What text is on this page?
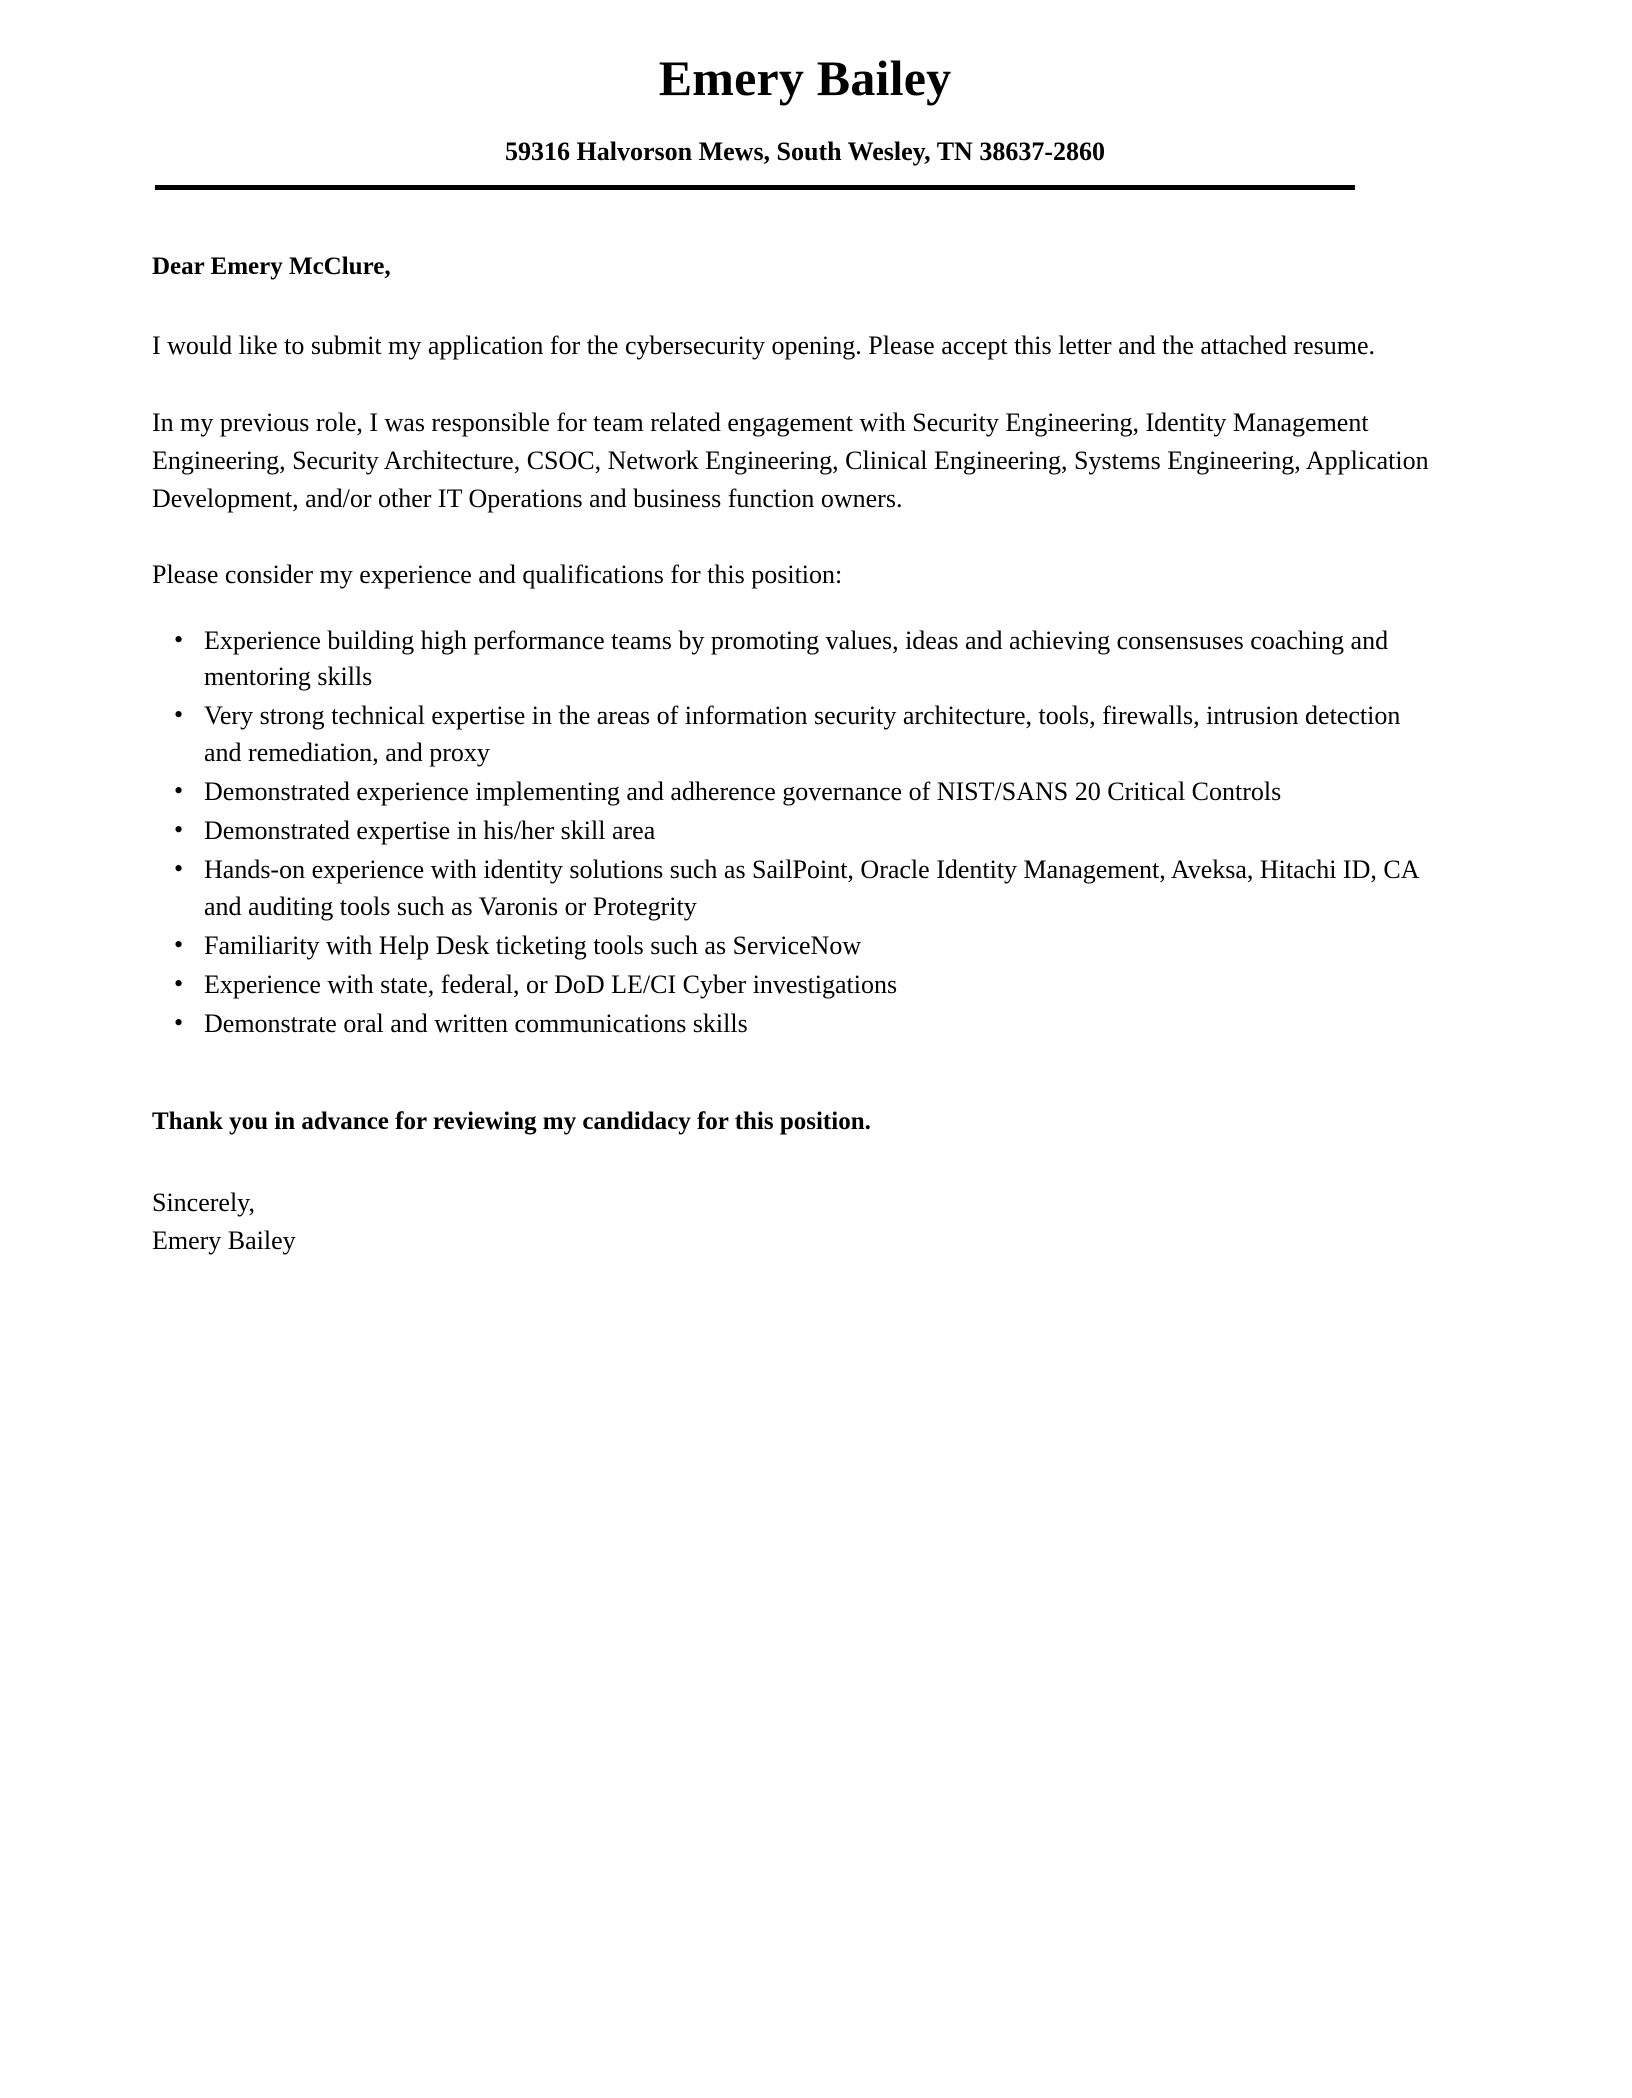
Emery Bailey
59316 Halvorson Mews, South Wesley, TN 38637-2860

Dear Emery McClure,

I would like to submit my application for the cybersecurity opening. Please accept this letter and the attached resume.

In my previous role, I was responsible for team related engagement with Security Engineering, Identity Management Engineering, Security Architecture, CSOC, Network Engineering, Clinical Engineering, Systems Engineering, Application Development, and/or other IT Operations and business function owners.

Please consider my experience and qualifications for this position:

• Experience building high performance teams by promoting values, ideas and achieving consensuses coaching and mentoring skills
• Very strong technical expertise in the areas of information security architecture, tools, firewalls, intrusion detection and remediation, and proxy
• Demonstrated experience implementing and adherence governance of NIST/SANS 20 Critical Controls
• Demonstrated expertise in his/her skill area
• Hands-on experience with identity solutions such as SailPoint, Oracle Identity Management, Aveksa, Hitachi ID, CA and auditing tools such as Varonis or Protegrity
• Familiarity with Help Desk ticketing tools such as ServiceNow
• Experience with state, federal, or DoD LE/CI Cyber investigations
• Demonstrate oral and written communications skills

Thank you in advance for reviewing my candidacy for this position.

Sincerely,

Emery Bailey
